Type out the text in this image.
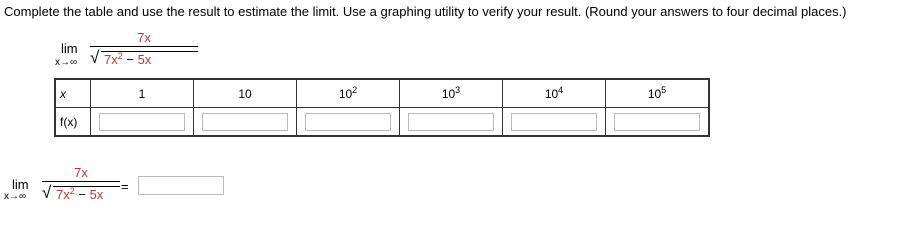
Complete the table and use the result to estimate the limit. Use a graphing utility to verify your result. (Round your answers to four decimal places.)
lim
x→∞
7x
√ $7x^2 - 5x$
x	1	10	$10^2$	$10^3$	$10^4$	$10^5$
f(x)						
lim
x→∞
7x
√ $7x^2 - 5x$
=
